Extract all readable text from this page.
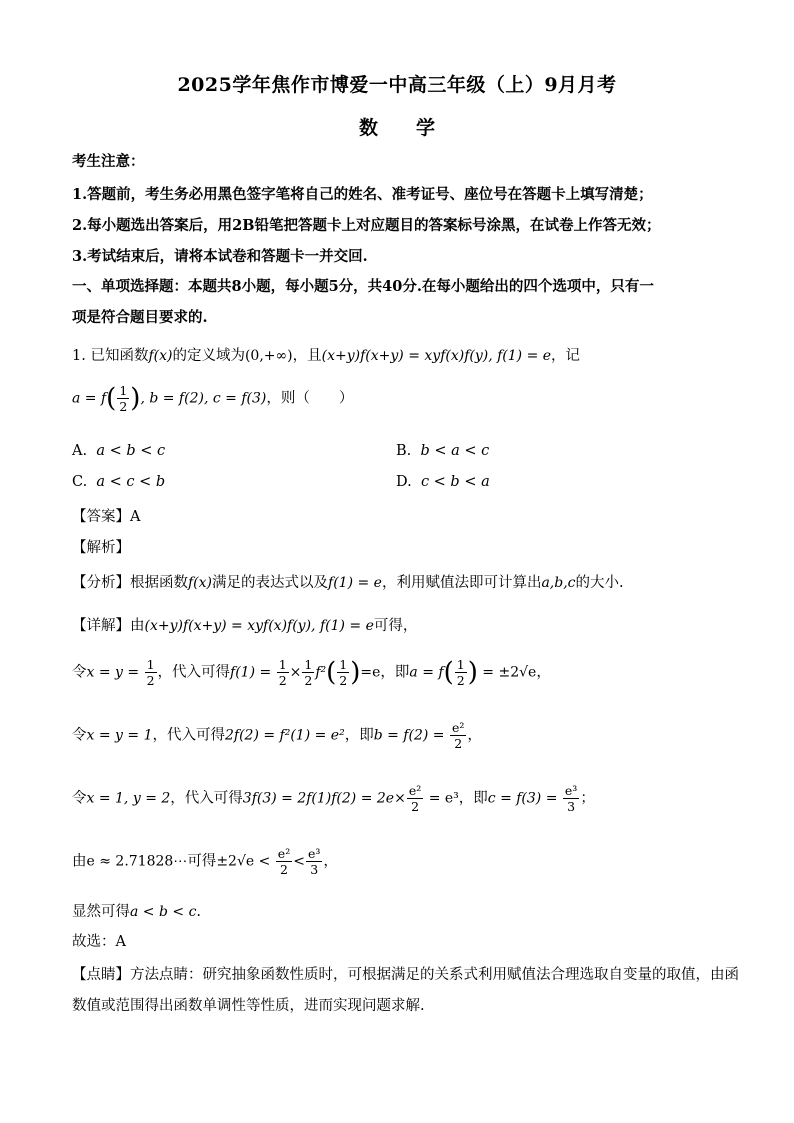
2025学年焦作市博爱一中高三年级（上）9月月考
数　　学
考生注意：
1.答题前，考生务必用黑色签字笔将自己的姓名、准考证号、座位号在答题卡上填写清楚；
2.每小题选出答案后，用2B铅笔把答题卡上对应题目的答案标号涂黑，在试卷上作答无效；
3.考试结束后，请将本试卷和答题卡一并交回.
一、单项选择题：本题共8小题，每小题5分，共40分.在每小题给出的四个选项中，只有一
项是符合题目要求的.
1. 已知函数f(x)的定义域为(0,+∞)，且(x+y)f(x+y) = xyf(x)f(y), f(1) = e，记
$a = f( \frac{1}{2}$ ), b = f(2), c = f(3)，则（　　）
A. a < b < c	B. b < a < c
C. a < c < b	D. c < b < a
【答案】A
【解析】
【分析】根据函数f(x)满足的表达式以及f(1) = e，利用赋值法即可计算出a,b,c的大小.
【详解】由(x+y)f(x+y) = xyf(x)f(y), f(1) = e可得，
令$x = y = \frac{1}{2}$ ，代入可得$f(1) = \frac{1}{2} \times \frac{1}{2} f^2( \frac{1}{2} )=e$，即$a = f( \frac{1}{2}$ ) = ±2√e，
令x = y = 1，代入可得2f(2) = f²(1) = e²，即$b = f(2) = \frac{\text{e²}}{2}$ ，
令x = 1, y = 2，代入可得$3f(3) = 2f(1)f(2) = 2e\times \frac{\text{e²}}{2} = e^3$，即$c = f(3) = \frac{\text{e³}}{3}$ ；
由e ≈ 2.71828⋯可得$\pm 2√e < \frac{\text{e²}}{2} < \frac{\text{e³}}{3}$ ，
显然可得a < b < c.
故选：A
【点睛】方法点睛：研究抽象函数性质时，可根据满足的关系式利用赋值法合理选取自变量的取值，由函
数值或范围得出函数单调性等性质，进而实现问题求解.
